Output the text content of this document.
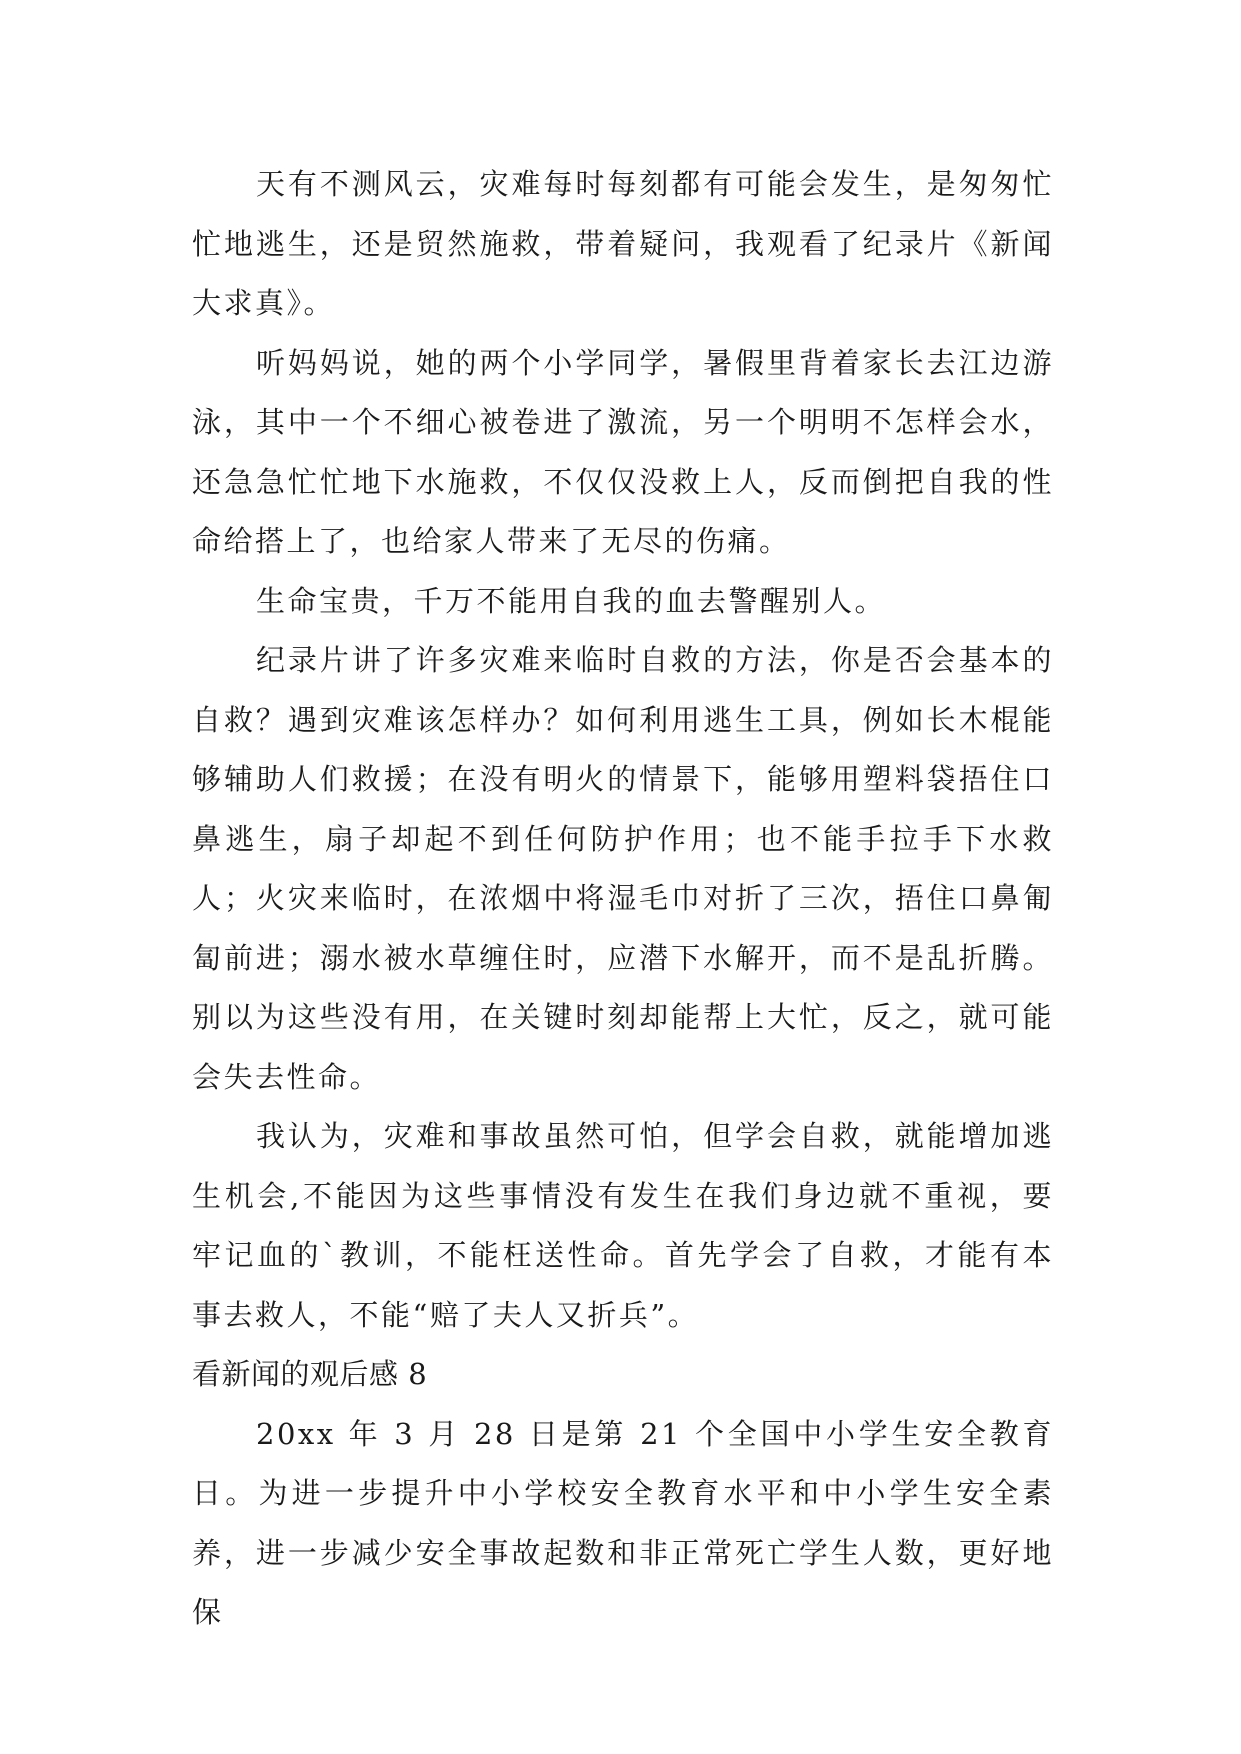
天有不测风云，灾难每时每刻都有可能会发生，是匆匆忙忙地逃生，还是贸然施救，带着疑问，我观看了纪录片《新闻大求真》。

听妈妈说，她的两个小学同学，暑假里背着家长去江边游泳，其中一个不细心被卷进了激流，另一个明明不怎样会水，还急急忙忙地下水施救，不仅仅没救上人，反而倒把自我的性命给搭上了，也给家人带来了无尽的伤痛。

生命宝贵，千万不能用自我的血去警醒别人。

纪录片讲了许多灾难来临时自救的方法，你是否会基本的自救？遇到灾难该怎样办？如何利用逃生工具，例如长木棍能够辅助人们救援；在没有明火的情景下，能够用塑料袋捂住口鼻逃生，扇子却起不到任何防护作用；也不能手拉手下水救人；火灾来临时，在浓烟中将湿毛巾对折了三次，捂住口鼻匍匐前进；溺水被水草缠住时，应潜下水解开，而不是乱折腾。别以为这些没有用，在关键时刻却能帮上大忙，反之，就可能会失去性命。

我认为，灾难和事故虽然可怕，但学会自救，就能增加逃生机会,不能因为这些事情没有发生在我们身边就不重视，要牢记血的`教训，不能枉送性命。首先学会了自救，才能有本事去救人，不能“赔了夫人又折兵”。

看新闻的观后感 8

20xx 年 3 月 28 日是第 21 个全国中小学生安全教育日。为进一步提升中小学校安全教育水平和中小学生安全素养，进一步减少安全事故起数和非正常死亡学生人数，更好地保
